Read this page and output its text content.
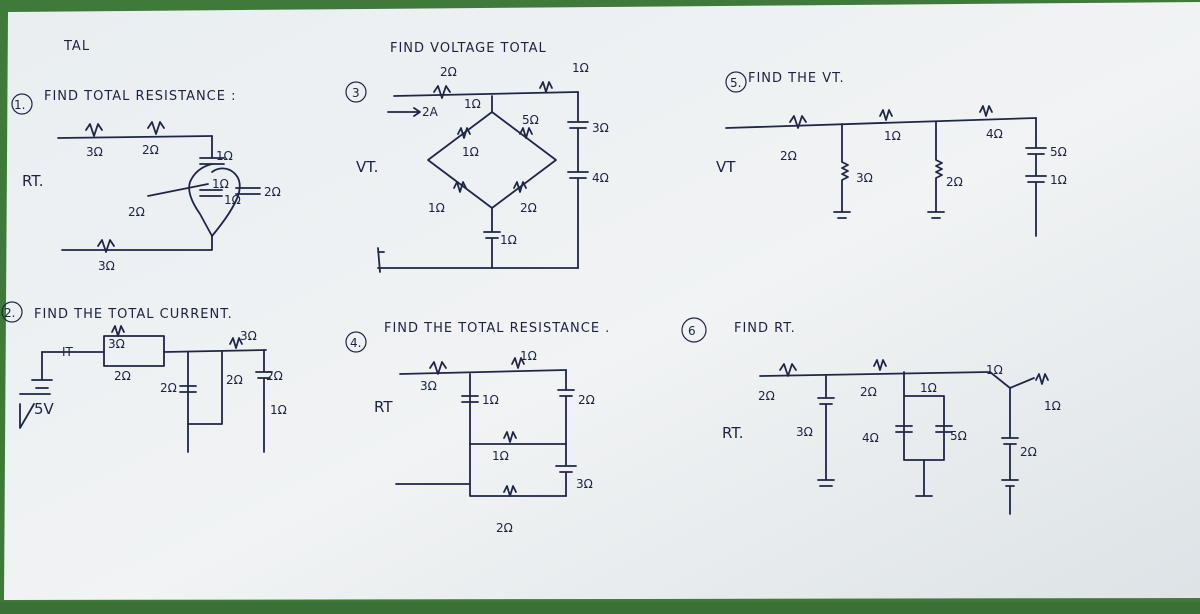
TAL
1.
FIND TOTAL RESISTANCE :
RT.
3Ω	2Ω	1Ω
1Ω
1Ω
2Ω
2Ω
3Ω
2. FIND THE TOTAL CURRENT.
IT
5V
3Ω
2Ω
2Ω
2Ω
3Ω
2Ω
1Ω
3
FIND VOLTAGE TOTAL
VT.
2A
2Ω
1Ω
1Ω
5Ω
3Ω
1Ω
2Ω
1Ω
1Ω
4Ω
4.
FIND THE TOTAL RESISTANCE .
RT
3Ω
1Ω
1Ω
2Ω
1Ω
3Ω
2Ω
5. FIND THE VT.
VT
2Ω
3Ω
1Ω
2Ω
4Ω
5Ω
1Ω
6	FIND RT.
RT.
2Ω
3Ω
2Ω	1Ω
4Ω	5Ω
1Ω
1Ω
2Ω
